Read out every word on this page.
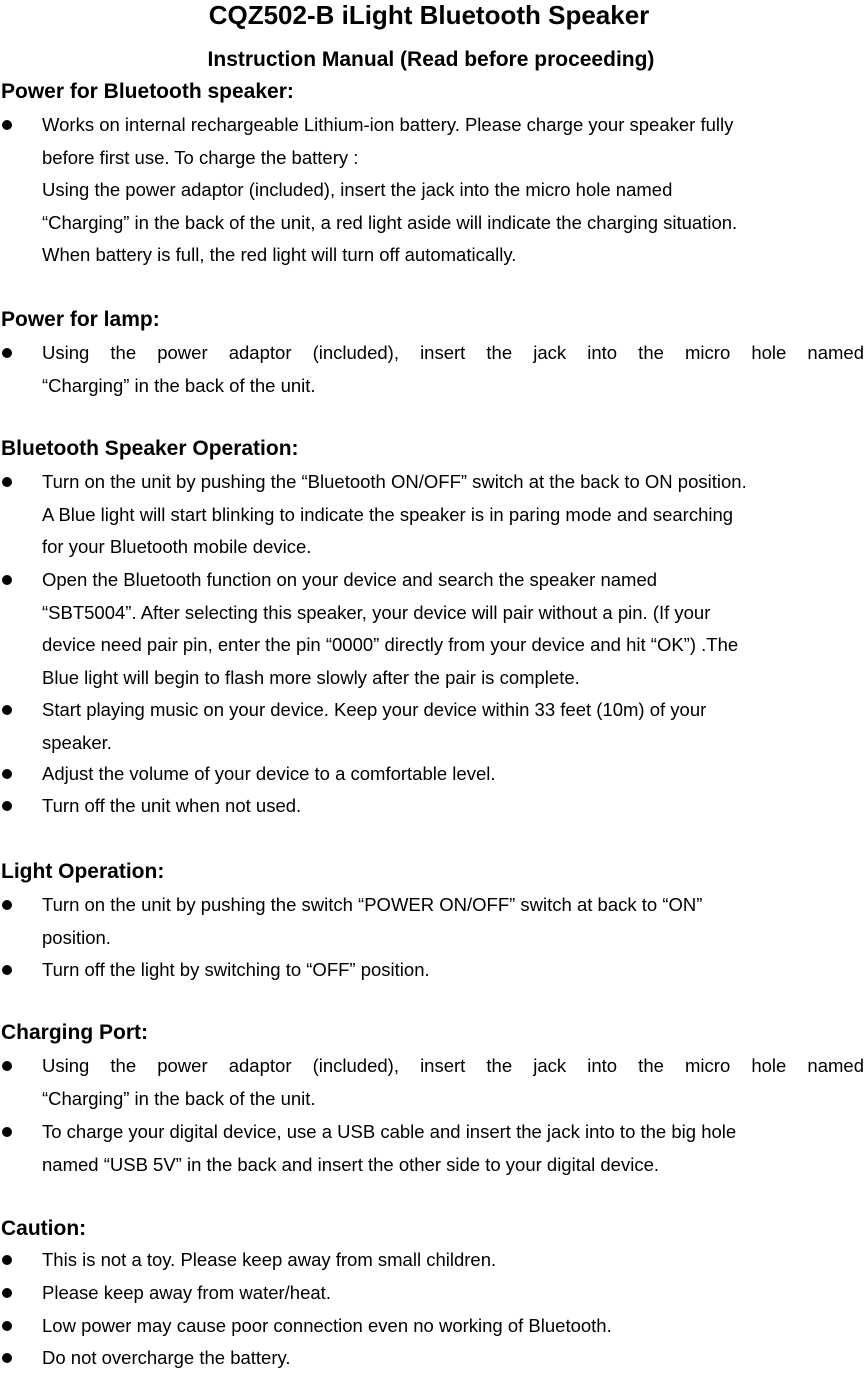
CQZ502-B iLight Bluetooth Speaker
Instruction Manual (Read before proceeding)
Power for Bluetooth speaker:
Works on internal rechargeable Lithium-ion battery. Please charge your speaker fully
before first use. To charge the battery :
Using the power adaptor (included), insert the jack into the micro hole named
“Charging” in the back of the unit, a red light aside will indicate the charging situation.
When battery is full, the red light will turn off automatically.
Power for lamp:
Using the power adaptor (included), insert the jack into the micro hole named
“Charging” in the back of the unit.
Bluetooth Speaker Operation:
Turn on the unit by pushing the “Bluetooth ON/OFF” switch at the back to ON position.
A Blue light will start blinking to indicate the speaker is in paring mode and searching
for your Bluetooth mobile device.
Open the Bluetooth function on your device and search the speaker named
“SBT5004”. After selecting this speaker, your device will pair without a pin. (If your
device need pair pin, enter the pin “0000” directly from your device and hit “OK”) .The
Blue light will begin to flash more slowly after the pair is complete.
Start playing music on your device. Keep your device within 33 feet (10m) of your
speaker.
Adjust the volume of your device to a comfortable level.
Turn off the unit when not used.
Light Operation:
Turn on the unit by pushing the switch “POWER ON/OFF” switch at back to “ON”
position.
Turn off the light by switching to “OFF” position.
Charging Port:
Using the power adaptor (included), insert the jack into the micro hole named
“Charging” in the back of the unit.
To charge your digital device, use a USB cable and insert the jack into to the big hole
named “USB 5V” in the back and insert the other side to your digital device.
Caution:
This is not a toy. Please keep away from small children.
Please keep away from water/heat.
Low power may cause poor connection even no working of Bluetooth.
Do not overcharge the battery.
